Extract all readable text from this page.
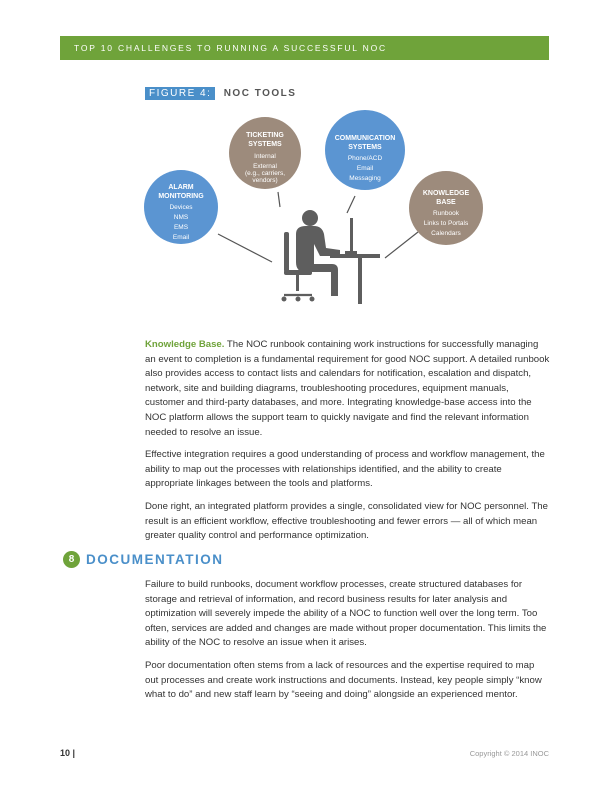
TOP 10 CHALLENGES TO RUNNING A SUCCESSFUL NOC
FIGURE 4: NOC TOOLS
TICKETING
SYSTEMS
Internal
External
(e.g., carriers,
vendors)
COMMUNICATION
SYSTEMS
Phone/ACD
Email
Messaging
ALARM
MONITORING
Devices
NMS
EMS
Email
KNOWLEDGE
BASE
Runbook
Links to Portals
Calendars

Knowledge Base. The NOC runbook containing work instructions for successfully managing an event to completion is a fundamental requirement for good NOC support. A detailed runbook also provides access to contact lists and calendars for notification, escalation and dispatch, network, site and building diagrams, troubleshooting procedures, equipment manuals, customer and third-party databases, and more. Integrating knowledge-base access into the NOC platform allows the support team to quickly navigate and find the relevant information needed to resolve an issue.

Effective integration requires a good understanding of process and workflow management, the ability to map out the processes with relationships identified, and the ability to create appropriate linkages between the tools and platforms.

Done right, an integrated platform provides a single, consolidated view for NOC personnel. The result is an efficient workflow, effective troubleshooting and fewer errors — all of which mean greater quality control and performance optimization.

8 DOCUMENTATION

Failure to build runbooks, document workflow processes, create structured databases for storage and retrieval of information, and record business results for later analysis and optimization will severely impede the ability of a NOC to function well over the long term. Too often, services are added and changes are made without proper documentation. This limits the ability of the NOC to resolve an issue when it arises.

Poor documentation often stems from a lack of resources and the expertise required to map out processes and create work instructions and documents. Instead, key people simply “know what to do” and new staff learn by “seeing and doing” alongside an experienced mentor.

10 |	Copyright © 2014 INOC
